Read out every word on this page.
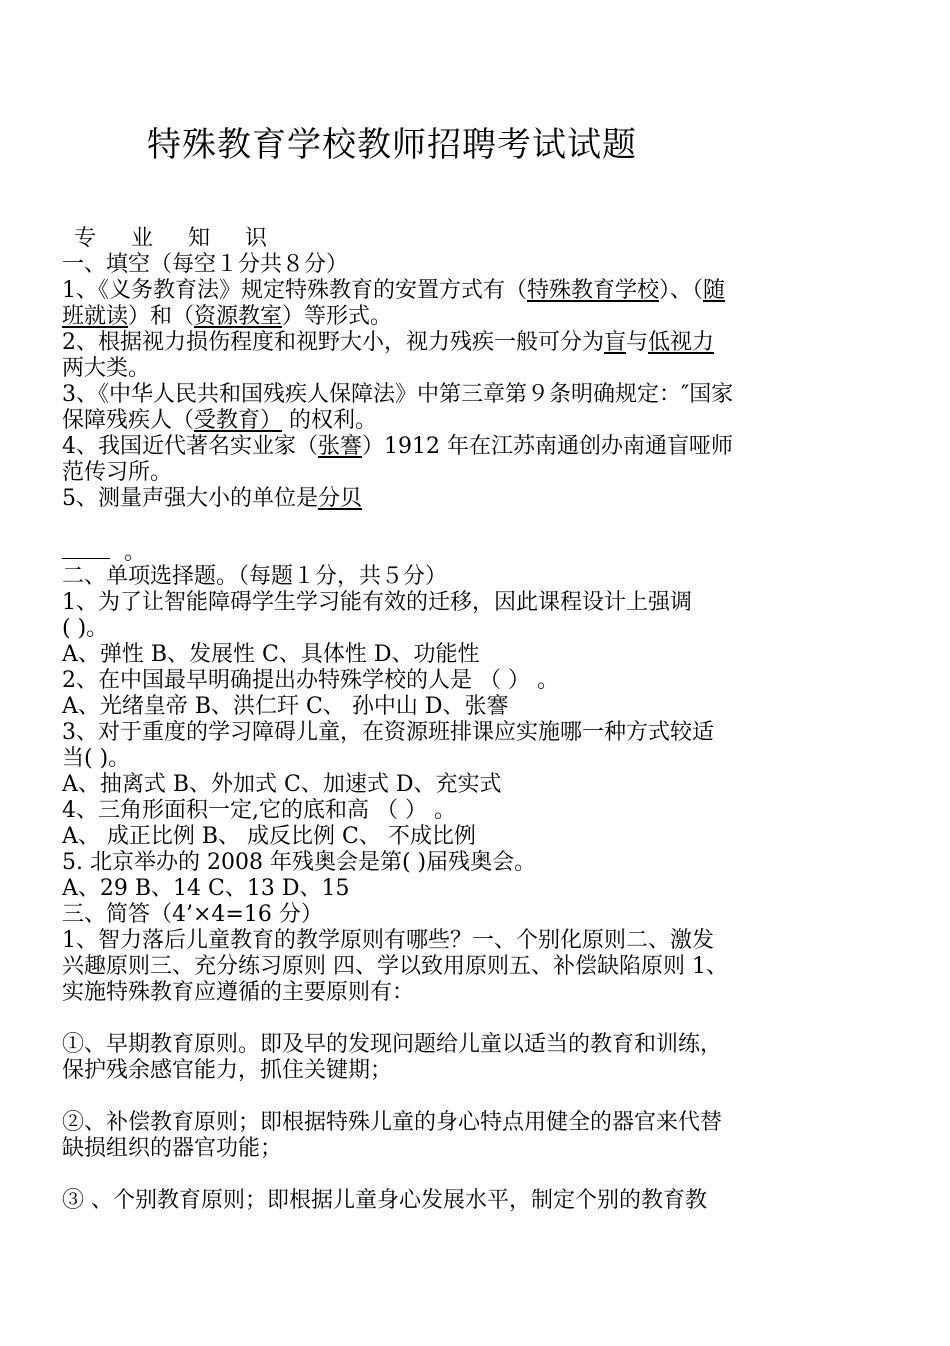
特殊教育学校教师招聘考试试题
专 业 知 识
一、填空（每空１分共８分）
1、《义务教育法》规定特殊教育的安置方式有（特殊教育学校）、（随
班就读）和（资源教室）等形式。
2、根据视力损伤程度和视野大小，视力残疾一般可分为盲与低视力
两大类。
3、《中华人民共和国残疾人保障法》中第三章第９条明确规定：″国家
保障残疾人（受教育） 的权利。
4、我国近代著名实业家（张謇）1912 年在江苏南通创办南通盲哑师
范传习所。
5、测量声强大小的单位是分贝
。
二、单项选择题。（每题１分，共５分）
1、为了让智能障碍学生学习能有效的迁移，因此课程设计上强调
( )。
A、弹性 B、发展性 C、具体性 D、功能性
2、在中国最早明确提出办特殊学校的人是 （ ） 。
A、光绪皇帝 B、洪仁玕 C、 孙中山 D、张謇
3、对于重度的学习障碍儿童，在资源班排课应实施哪一种方式较适
当( )。
A、抽离式 B、外加式 C、加速式 D、充实式
4、三角形面积一定,它的底和高 （ ） 。
A、 成正比例 B、 成反比例 C、 不成比例
5. 北京举办的 2008 年残奥会是第( )届残奥会。
A、29 B、14 C、13 D、15
三、简答（4’×4=16 分）
1、智力落后儿童教育的教学原则有哪些？一、个别化原则二、激发
兴趣原则三、充分练习原则 四、学以致用原则五、补偿缺陷原则 1、
实施特殊教育应遵循的主要原则有：
①、早期教育原则。即及早的发现问题给儿童以适当的教育和训练，
保护残余感官能力，抓住关键期；
②、补偿教育原则；即根据特殊儿童的身心特点用健全的器官来代替
缺损组织的器官功能；
③ 、个别教育原则；即根据儿童身心发展水平，制定个别的教育教
